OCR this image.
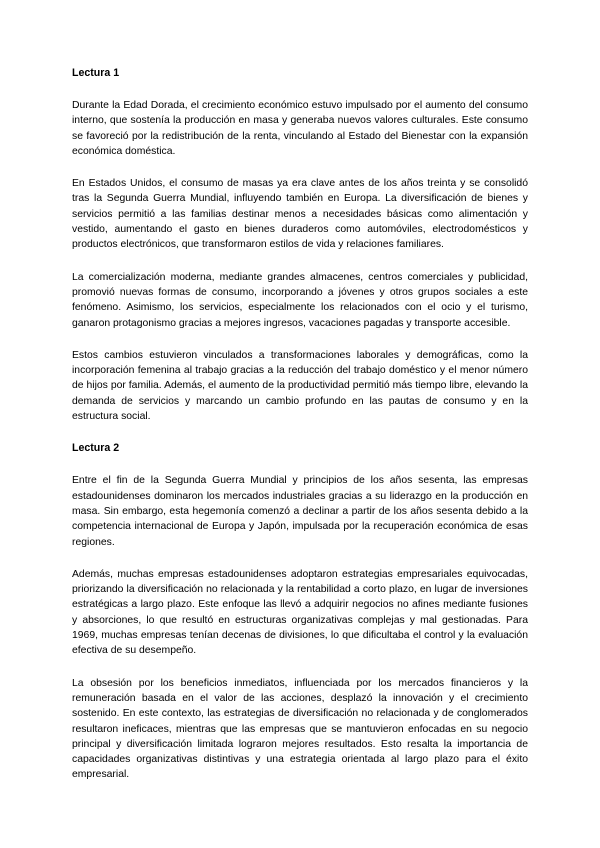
Lectura 1

Durante la Edad Dorada, el crecimiento económico estuvo impulsado por el aumento del consumo interno, que sostenía la producción en masa y generaba nuevos valores culturales. Este consumo se favoreció por la redistribución de la renta, vinculando al Estado del Bienestar con la expansión económica doméstica.

En Estados Unidos, el consumo de masas ya era clave antes de los años treinta y se consolidó tras la Segunda Guerra Mundial, influyendo también en Europa. La diversificación de bienes y servicios permitió a las familias destinar menos a necesidades básicas como alimentación y vestido, aumentando el gasto en bienes duraderos como automóviles, electrodomésticos y productos electrónicos, que transformaron estilos de vida y relaciones familiares.

La comercialización moderna, mediante grandes almacenes, centros comerciales y publicidad, promovió nuevas formas de consumo, incorporando a jóvenes y otros grupos sociales a este fenómeno. Asimismo, los servicios, especialmente los relacionados con el ocio y el turismo, ganaron protagonismo gracias a mejores ingresos, vacaciones pagadas y transporte accesible.

Estos cambios estuvieron vinculados a transformaciones laborales y demográficas, como la incorporación femenina al trabajo gracias a la reducción del trabajo doméstico y el menor número de hijos por familia. Además, el aumento de la productividad permitió más tiempo libre, elevando la demanda de servicios y marcando un cambio profundo en las pautas de consumo y en la estructura social.

Lectura 2

Entre el fin de la Segunda Guerra Mundial y principios de los años sesenta, las empresas estadounidenses dominaron los mercados industriales gracias a su liderazgo en la producción en masa. Sin embargo, esta hegemonía comenzó a declinar a partir de los años sesenta debido a la competencia internacional de Europa y Japón, impulsada por la recuperación económica de esas regiones.

Además, muchas empresas estadounidenses adoptaron estrategias empresariales equivocadas, priorizando la diversificación no relacionada y la rentabilidad a corto plazo, en lugar de inversiones estratégicas a largo plazo. Este enfoque las llevó a adquirir negocios no afines mediante fusiones y absorciones, lo que resultó en estructuras organizativas complejas y mal gestionadas. Para 1969, muchas empresas tenían decenas de divisiones, lo que dificultaba el control y la evaluación efectiva de su desempeño.

La obsesión por los beneficios inmediatos, influenciada por los mercados financieros y la remuneración basada en el valor de las acciones, desplazó la innovación y el crecimiento sostenido. En este contexto, las estrategias de diversificación no relacionada y de conglomerados resultaron ineficaces, mientras que las empresas que se mantuvieron enfocadas en su negocio principal y diversificación limitada lograron mejores resultados. Esto resalta la importancia de capacidades organizativas distintivas y una estrategia orientada al largo plazo para el éxito empresarial.
